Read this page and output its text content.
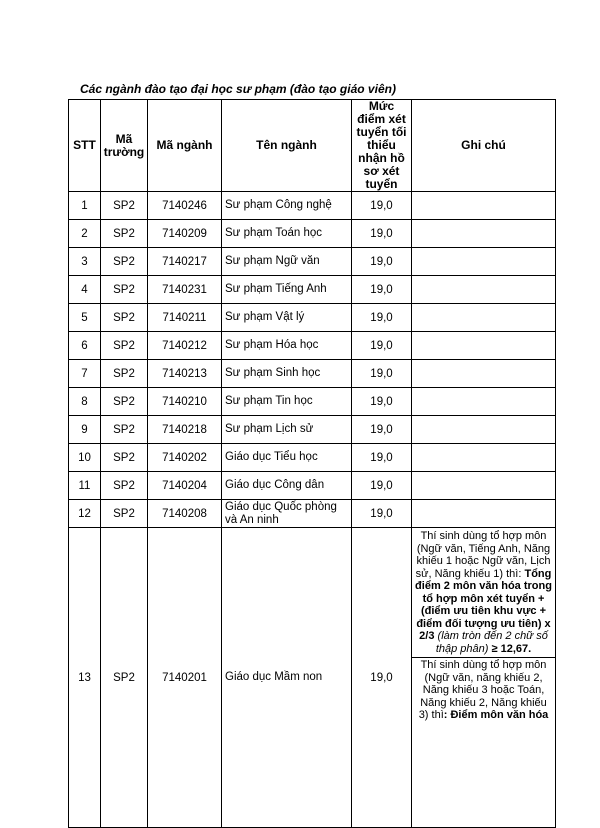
Các ngành đào tạo đại học sư phạm (đào tạo giáo viên)
STT	Mã trường	Mã ngành	Tên ngành	Mức điểm xét tuyển tối thiểu nhận hồ sơ xét tuyển	Ghi chú
1	SP2	7140246	Sư phạm Công nghệ	19,0	
2	SP2	7140209	Sư phạm Toán học	19,0	
3	SP2	7140217	Sư phạm Ngữ văn	19,0	
4	SP2	7140231	Sư phạm Tiếng Anh	19,0	
5	SP2	7140211	Sư phạm Vật lý	19,0	
6	SP2	7140212	Sư phạm Hóa học	19,0	
7	SP2	7140213	Sư phạm Sinh học	19,0	
8	SP2	7140210	Sư phạm Tin học	19,0	
9	SP2	7140218	Sư phạm Lịch sử	19,0	
10	SP2	7140202	Giáo dục Tiểu học	19,0	
11	SP2	7140204	Giáo dục Công dân	19,0	
12	SP2	7140208	Giáo dục Quốc phòng và An ninh	19,0	
13	SP2	7140201	Giáo dục Mầm non	19,0	Thí sinh dùng tổ hợp môn (Ngữ văn, Tiếng Anh, Năng khiếu 1 hoặc Ngữ văn, Lịch sử, Năng khiếu 1) thì: Tổng điểm 2 môn văn hóa trong tổ hợp môn xét tuyển + (điểm ưu tiên khu vực + điểm đối tượng ưu tiên) x 2/3 (làm tròn đến 2 chữ số thập phân) ≥ 12,67.
Thí sinh dùng tổ hợp môn (Ngữ văn, năng khiếu 2, Năng khiếu 3 hoặc Toán, Năng khiếu 2, Năng khiếu 3) thì: Điểm môn văn hóa
